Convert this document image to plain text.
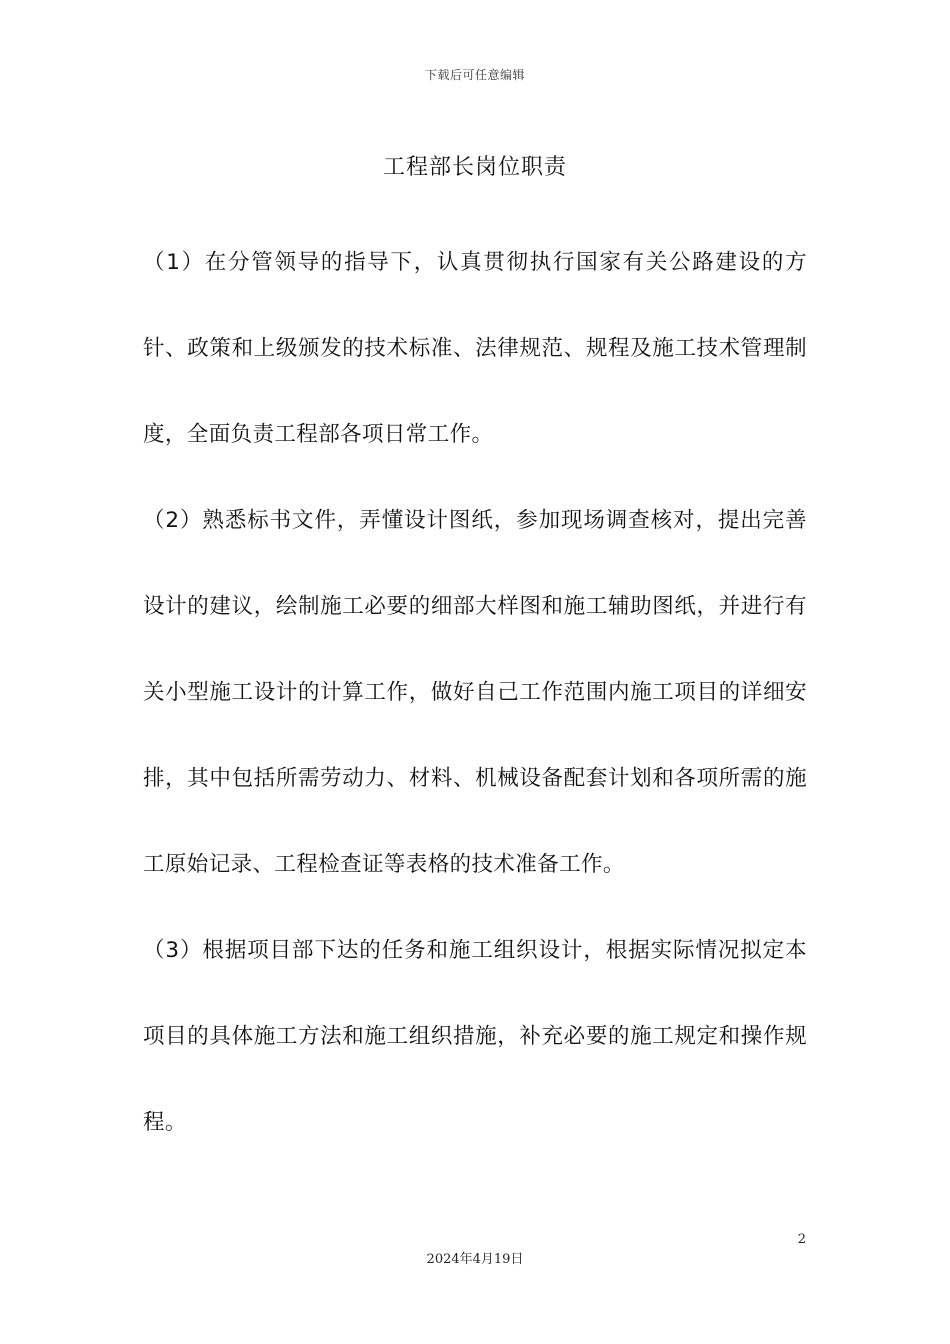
下载后可任意编辑
工程部长岗位职责

（1）在分管领导的指导下，认真贯彻执行国家有关公路建设的方针、政策和上级颁发的技术标准、法律规范、规程及施工技术管理制度，全面负责工程部各项日常工作。

（2）熟悉标书文件，弄懂设计图纸，参加现场调查核对，提出完善设计的建议，绘制施工必要的细部大样图和施工辅助图纸，并进行有关小型施工设计的计算工作，做好自己工作范围内施工项目的详细安排，其中包括所需劳动力、材料、机械设备配套计划和各项所需的施工原始记录、工程检查证等表格的技术准备工作。

（3）根据项目部下达的任务和施工组织设计，根据实际情况拟定本项目的具体施工方法和施工组织措施，补充必要的施工规定和操作规程。

2
2024年4月19日
